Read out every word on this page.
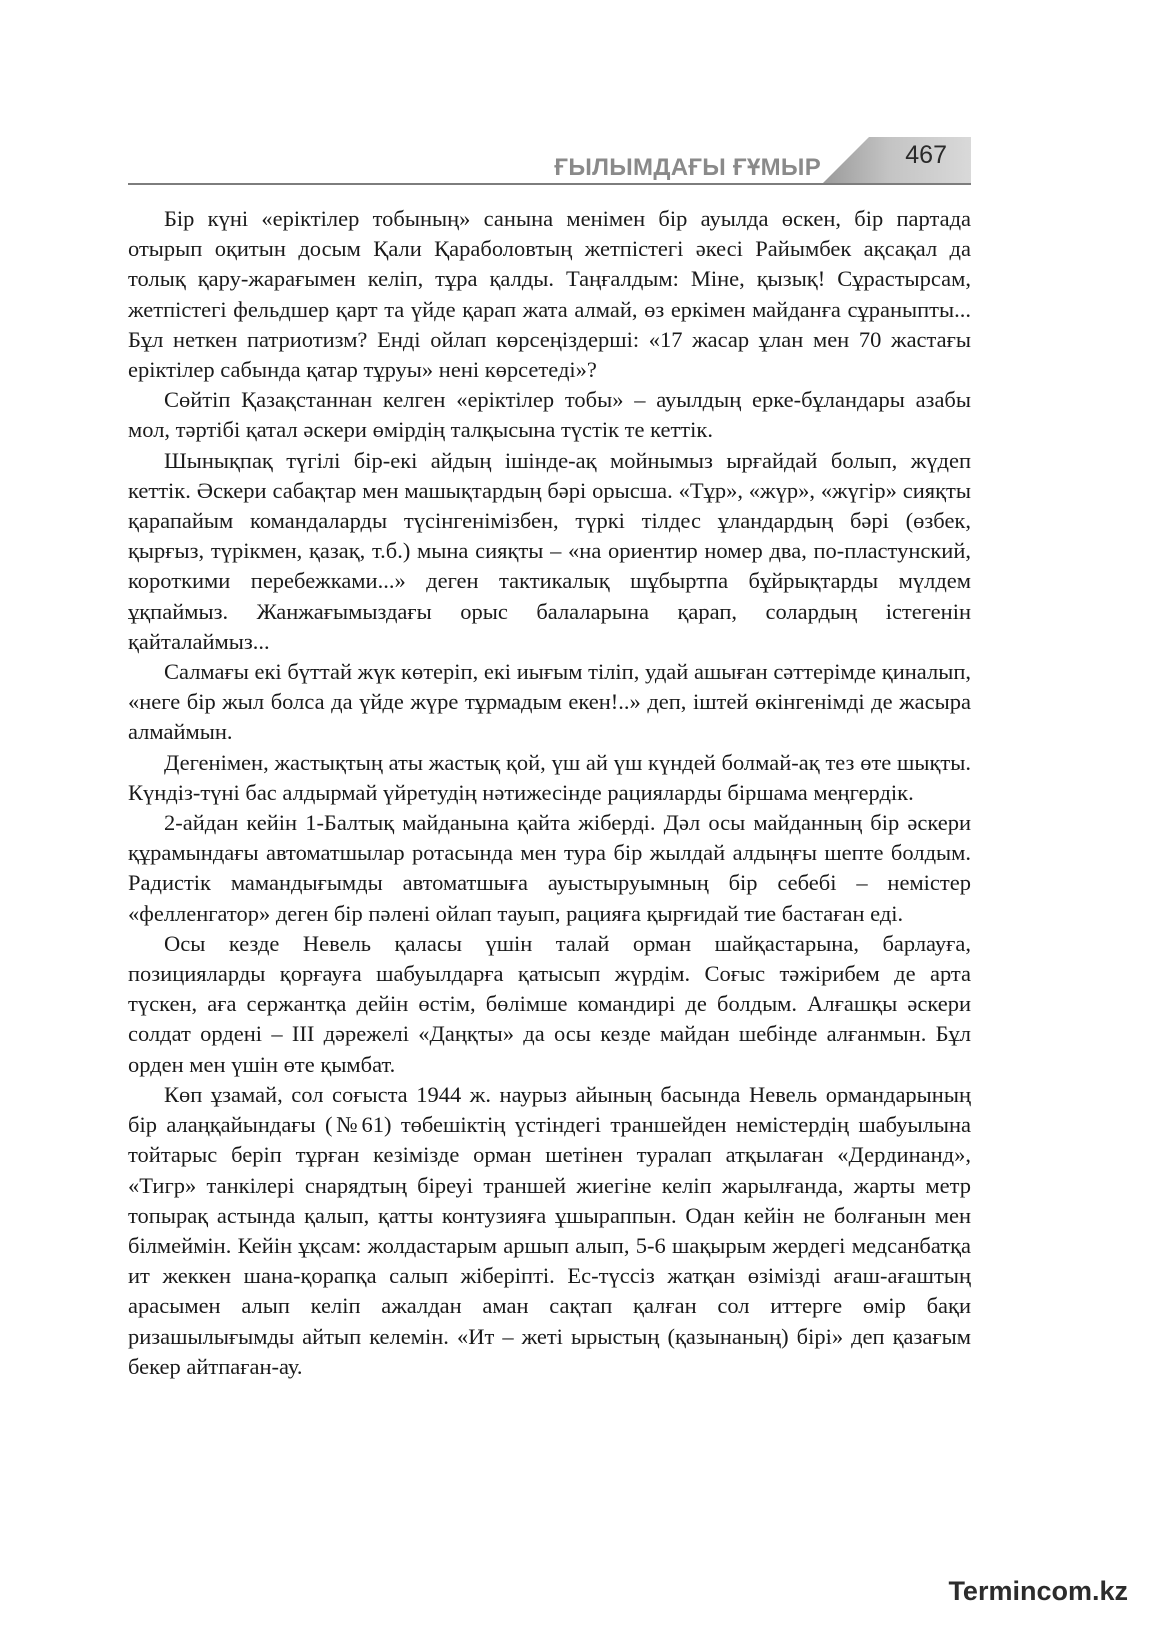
ҒЫЛЫМДАҒЫ ҒҰМЫР	467

Бір күні «еріктілер тобының» санына менімен бір ауылда өскен, бір партада отырып оқитын досым Қали Қараболовтың жетпістегі әкесі Райымбек ақсақал да толық қару-жарағымен келіп, тұра қалды. Таңғалдым: Міне, қызық! Сұрастырсам, жетпістегі фельдшер қарт та үйде қарап жата алмай, өз еркімен майданға сұраныпты... Бұл неткен патриотизм? Енді ойлап көрсеңіздерші: «17 жасар ұлан мен 70 жастағы еріктілер сабында қатар тұруы» нені көрсетеді»?

Сөйтіп Қазақстаннан келген «еріктілер тобы» – ауылдың ерке-бұландары азабы мол, тәртібі қатал әскери өмірдің талқысына түстік те кеттік.

Шынықпақ түгілі бір-екі айдың ішінде-ақ мойнымыз ырғайдай болып, жүдеп кеттік. Әскери сабақтар мен машықтардың бәрі орысша. «Тұр», «жүр», «жүгір» сияқты қарапайым командаларды түсінгенімізбен, түркі тілдес ұландардың бәрі (өзбек, қырғыз, түрікмен, қазақ, т.б.) мына сияқты – «на ориентир номер два, по-пластунский, короткими перебежками...» деген тактикалық шұбыртпа бұйрықтарды мүлдем ұқпаймыз. Жанжағымыздағы орыс балаларына қарап, солардың істегенін қайталаймыз...

Салмағы екі бүттай жүк көтеріп, екі иығым тіліп, удай ашыған сәттерімде қиналып, «неге бір жыл болса да үйде жүре тұрмадым екен!..» деп, іштей өкінгенімді де жасыра алмаймын.

Дегенімен, жастықтың аты жастық қой, үш ай үш күндей болмай-ақ тез өте шықты. Күндіз-түні бас алдырмай үйретудің нәтижесінде рацияларды біршама меңгердік.

2-айдан кейін 1-Балтық майданына қайта жіберді. Дәл осы майданның бір әскери құрамындағы автоматшылар ротасында мен тура бір жылдай алдыңғы шепте болдым. Радистік мамандығымды автоматшыға ауыстыруымның бір себебі – немістер «фелленгатор» деген бір пәлені ойлап тауып, рацияға қырғидай тие бастаған еді.

Осы кезде Невель қаласы үшін талай орман шайқастарына, барлауға, позицияларды қорғауға шабуылдарға қатысып жүрдім. Соғыс тәжірибем де арта түскен, аға сержантқа дейін өстім, бөлімше командирі де болдым. Алғашқы әскери солдат ордені – ІІІ дәрежелі «Даңқты» да осы кезде майдан шебінде алғанмын. Бұл орден мен үшін өте қымбат.

Көп ұзамай, сол соғыста 1944 ж. наурыз айының басында Невель ормандарының бір алаңқайындағы (№61) төбешіктің үстіндегі траншейден немістердің шабуылына тойтарыс беріп тұрған кезімізде орман шетінен туралап атқылаған «Дердинанд», «Тигр» танкілері снарядтың біреуі траншей жиегіне келіп жарылғанда, жарты метр топырақ астында қалып, қатты контузияға ұшыраппын. Одан кейін не болғанын мен білмеймін. Кейін ұқсам: жолдастарым аршып алып, 5-6 шақырым жердегі медсанбатқа ит жеккен шана-қорапқа салып жіберіпті. Ес-түссіз жатқан өзімізді ағаш-ағаштың арасымен алып келіп ажалдан аман сақтап қалған сол иттерге өмір бақи ризашылығымды айтып келемін. «Ит – жеті ырыстың (қазынаның) бірі» деп қазағым бекер айтпаған-ау.

Termincom.kz
